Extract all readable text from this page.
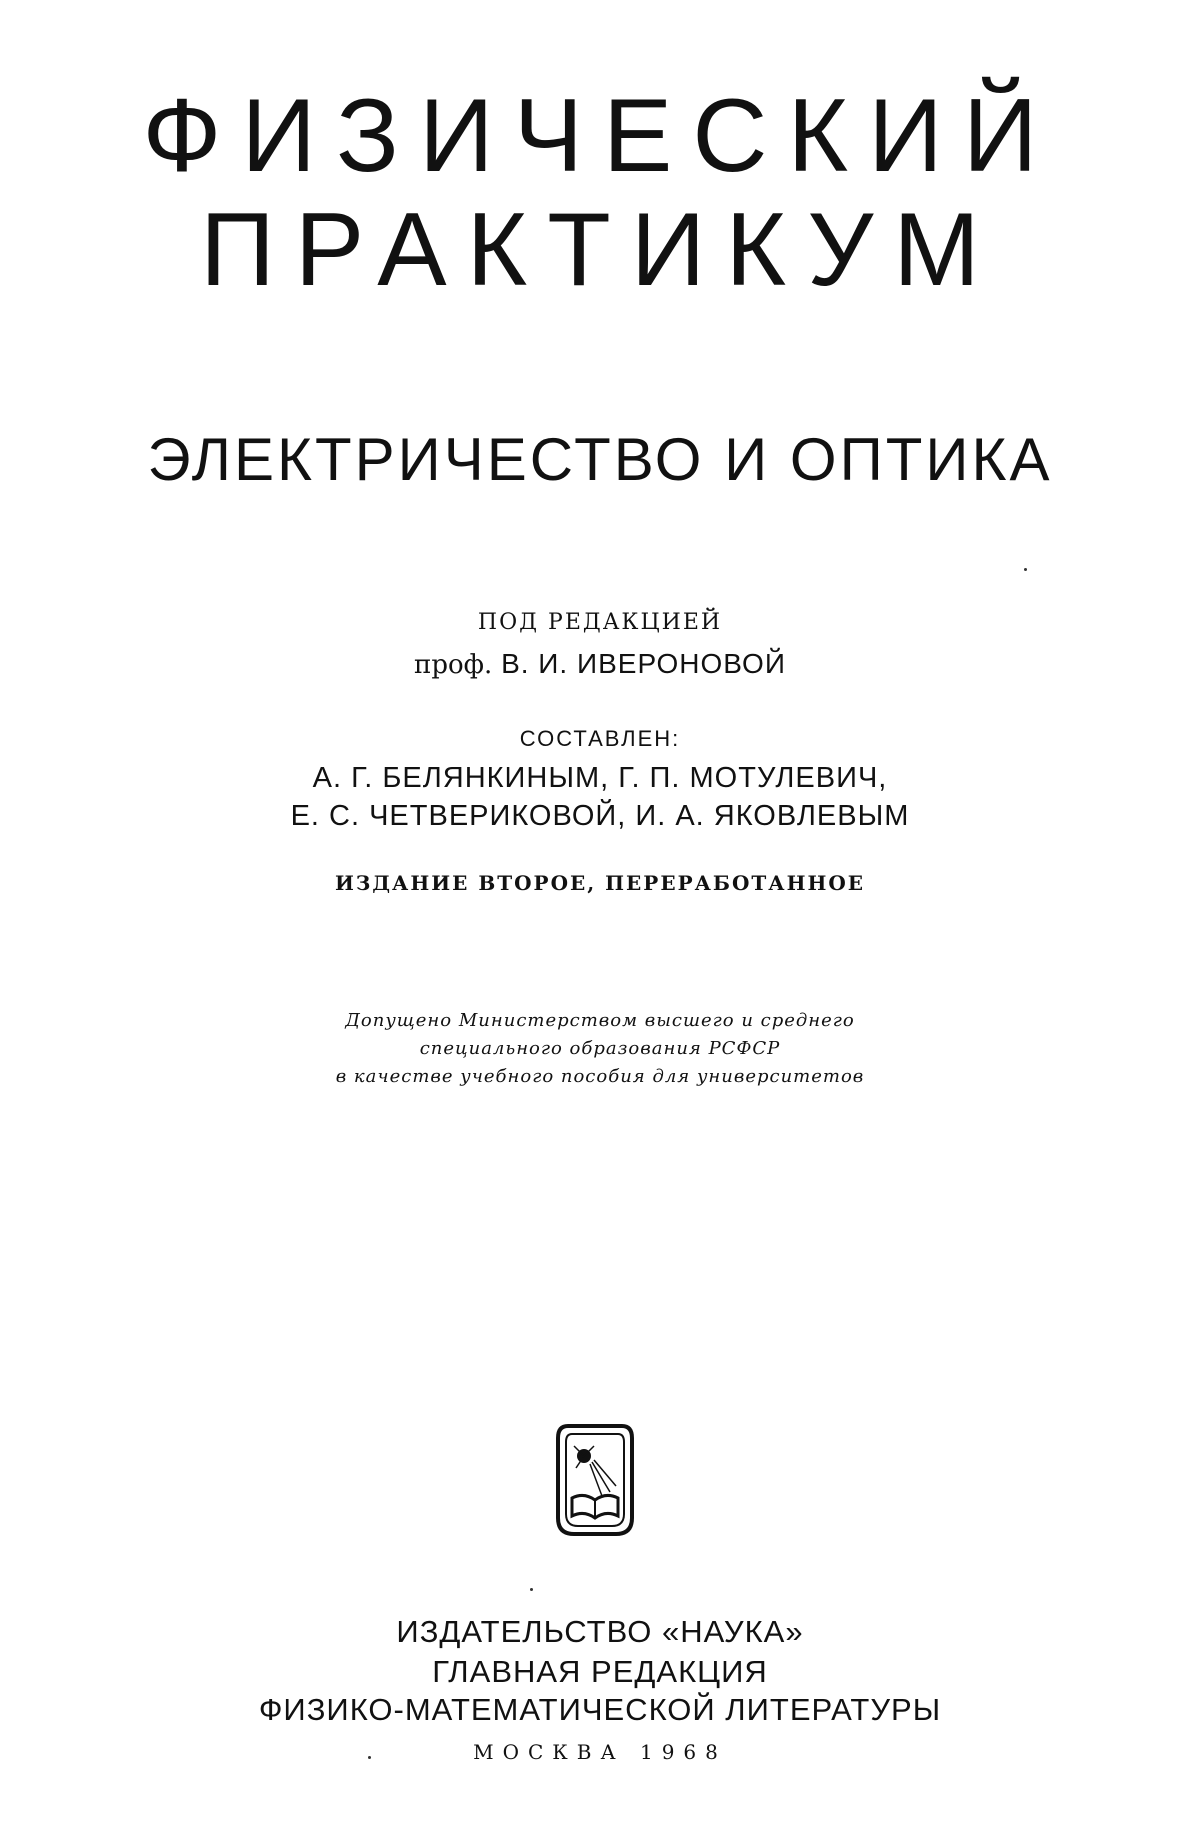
ФИЗИЧЕСКИЙ
ПРАКТИКУМ
ЭЛЕКТРИЧЕСТВО И ОПТИКА
ПОД РЕДАКЦИЕЙ
проф. В. И. ИВЕРОНОВОЙ
СОСТАВЛЕН:
А. Г. БЕЛЯНКИНЫМ, Г. П. МОТУЛЕВИЧ,
Е. С. ЧЕТВЕРИКОВОЙ, И. А. ЯКОВЛЕВЫМ
ИЗДАНИЕ ВТОРОЕ, ПЕРЕРАБОТАННОЕ
Допущено Министерством высшего и среднего
специального образования РСФСР
в качестве учебного пособия для университетов
ИЗДАТЕЛЬСТВО «НАУКА»
ГЛАВНАЯ РЕДАКЦИЯ
ФИЗИКО-МАТЕМАТИЧЕСКОЙ ЛИТЕРАТУРЫ
МОСКВА 1968
